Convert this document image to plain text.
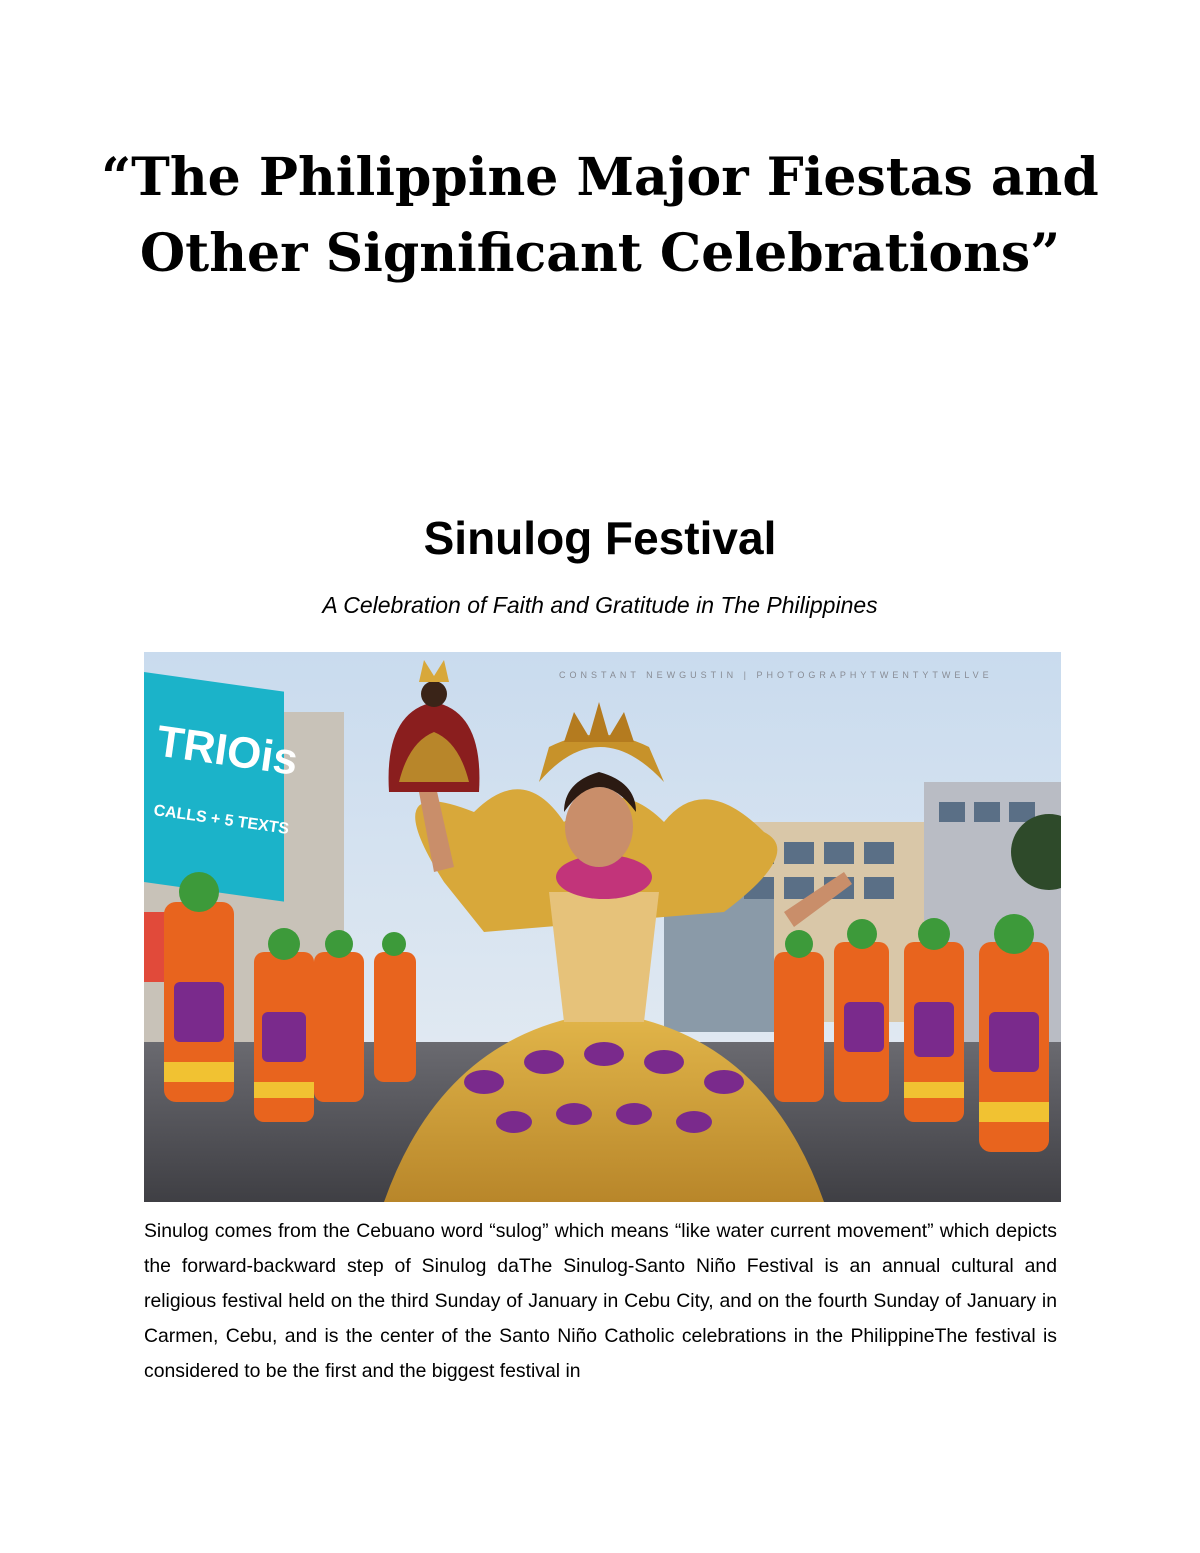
“The Philippine Major Fiestas and Other Significant Celebrations”
Sinulog Festival

A Celebration of Faith and Gratitude in The Philippines

TRIOis
CALLS + 5 TEXTS
CONSTANT NEWGUSTIN | PHOTOGRAPHYTWENTYTWELVE

Sinulog comes from the Cebuano word “sulog” which means “like water current movement” which depicts the forward-backward step of Sinulog daThe Sinulog-Santo Niño Festival is an annual cultural and religious festival held on the third Sunday of January in Cebu City, and on the fourth Sunday of January in Carmen, Cebu, and is the center of the Santo Niño Catholic celebrations in the PhilippineThe festival is considered to be the first and the biggest festival in
